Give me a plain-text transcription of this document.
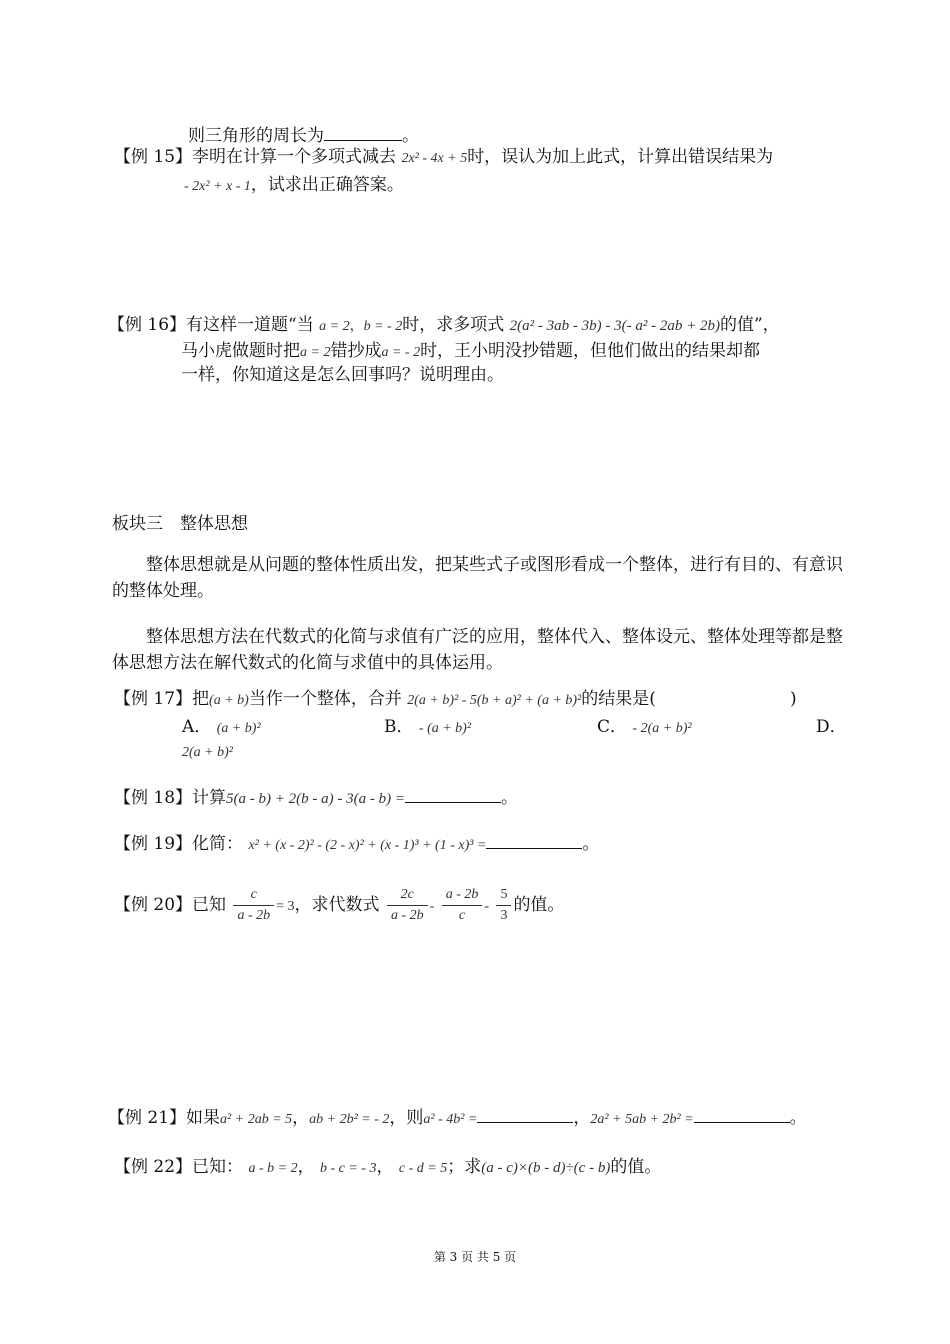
则三角形的周长为	。
【例 15】李明在计算一个多项式减去 2x² - 4x + 5时，误认为加上此式，计算出错误结果为
- 2x² + x - 1，试求出正确答案。
【例 16】有这样一道题“当 a = 2，b = - 2时，求多项式 2(a² - 3ab - 3b) - 3(- a² - 2ab + 2b)的值”，
马小虎做题时把a = 2错抄成a = - 2时，王小明没抄错题，但他们做出的结果却都
一样，你知道这是怎么回事吗？说明理由。
板块三　整体思想
整体思想就是从问题的整体性质出发，把某些式子或图形看成一个整体，进行有目的、有意识的整体处理。
整体思想方法在代数式的化简与求值有广泛的应用，整体代入、整体设元、整体处理等都是整体思想方法在解代数式的化简与求值中的具体运用。
【例 17】把(a + b)当作一个整体，合并 2(a + b)² - 5(b + a)² + (a + b)²的结果是(	)
A． (a + b)²	B． - (a + b)²	C． - 2(a + b)²	D．
2(a + b)²
【例 18】计算5(a - b) + 2(b - a) - 3(a - b) =	。
【例 19】化简： x² + (x - 2)² - (2 - x)² + (x - 1)³ + (1 - x)³ =	。
【例 20】已知 $\frac{c}{a - 2b} = 3$，求代数式 $\frac{2c}{a - 2b} - \frac{a - 2b}{c} - \frac{5}{3}$ 的值。
【例 21】如果a² + 2ab = 5，ab + 2b² = - 2，则a² - 4b² =	，2a² + 5ab + 2b² =	。
【例 22】已知： a - b = 2， b - c = - 3， c - d = 5；求(a - c)×(b - d)÷(c - b)的值。
第 3 页 共 5 页
